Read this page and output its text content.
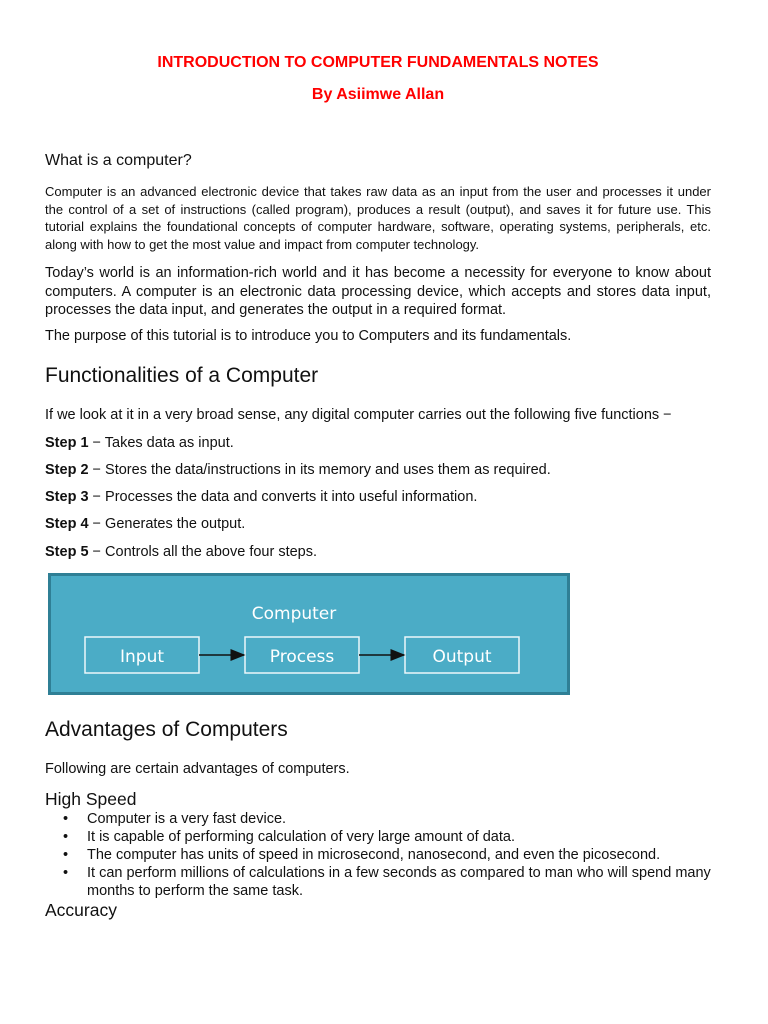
INTRODUCTION TO COMPUTER FUNDAMENTALS NOTES

By Asiimwe Allan

What is a computer?

Computer is an advanced electronic device that takes raw data as an input from the user and processes it under the control of a set of instructions (called program), produces a result (output), and saves it for future use. This tutorial explains the foundational concepts of computer hardware, software, operating systems, peripherals, etc. along with how to get the most value and impact from computer technology.

Today’s world is an information-rich world and it has become a necessity for everyone to know about computers. A computer is an electronic data processing device, which accepts and stores data input, processes the data input, and generates the output in a required format.

The purpose of this tutorial is to introduce you to Computers and its fundamentals.

Functionalities of a Computer

If we look at it in a very broad sense, any digital computer carries out the following five functions −

Step 1 − Takes data as input.

Step 2 − Stores the data/instructions in its memory and uses them as required.

Step 3 − Processes the data and converts it into useful information.

Step 4 − Generates the output.

Step 5 − Controls all the above four steps.

Advantages of Computers

Following are certain advantages of computers.

High Speed

• Computer is a very fast device.
• It is capable of performing calculation of very large amount of data.
• The computer has units of speed in microsecond, nanosecond, and even the picosecond.
• It can perform millions of calculations in a few seconds as compared to man who will spend many months to perform the same task.

Accuracy

Computer
Input	Process	Output
